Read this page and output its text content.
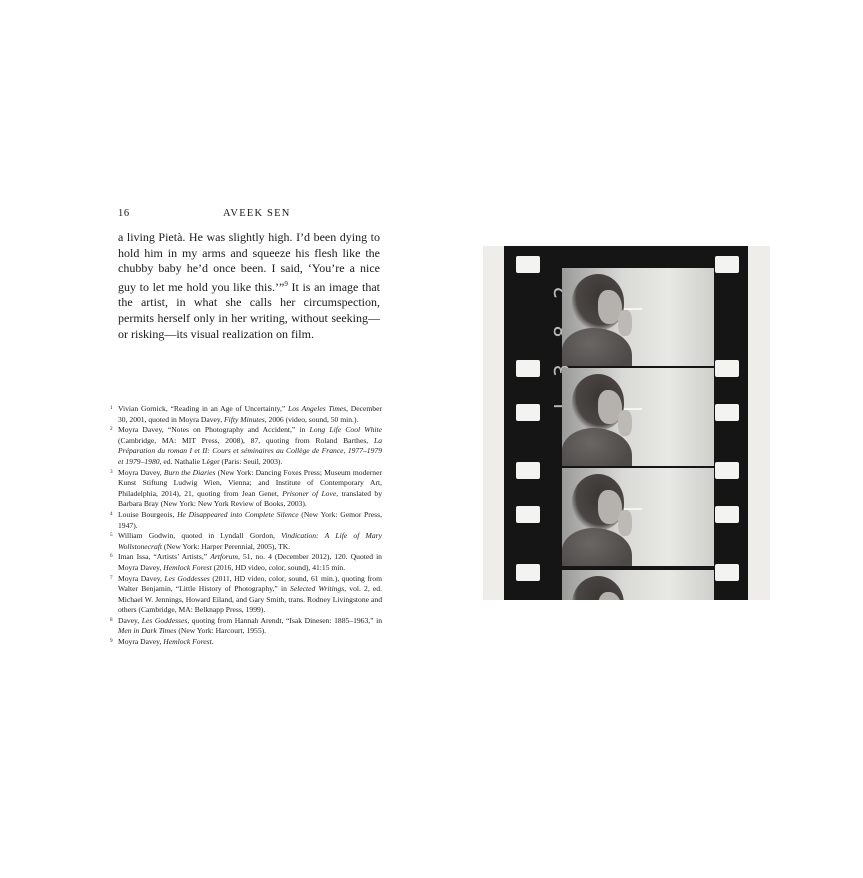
16	AVEEK SEN

a living Pietà. He was slightly high. I’d been dying to hold him in my arms and squeeze his flesh like the chubby baby he’d once been. I said, ‘You’re a nice guy to let me hold you like this.’”$^9$ It is an image that the artist, in what she calls her circumspection, permits herself only in her writing, without seeking—or risking—its visual realization on film.

1 Vivian Gornick, “Reading in an Age of Uncertainty,” Los Angeles Times, December 30, 2001, quoted in Moyra Davey, Fifty Minutes, 2006 (video, sound, 50 min.).
2 Moyra Davey, “Notes on Photography and Accident,” in Long Life Cool White (Cambridge, MA: MIT Press, 2008), 87, quoting from Roland Barthes, La Préparation du roman I et II: Cours et séminaires au Collège de France, 1977–1979 et 1979–1980, ed. Nathalie Léger (Paris: Seuil, 2003).
3 Moyra Davey, Burn the Diaries (New York: Dancing Foxes Press; Museum moderner Kunst Stiftung Ludwig Wien, Vienna; and Institute of Contemporary Art, Philadelphia, 2014), 21, quoting from Jean Genet, Prisoner of Love, translated by Barbara Bray (New York: New York Review of Books, 2003).
4 Louise Bourgeois, He Disappeared into Complete Silence (New York: Gemor Press, 1947).
5 William Godwin, quoted in Lyndall Gordon, Vindication: A Life of Mary Wollstonecraft (New York: Harper Perennial, 2005), TK.
6 Iman Issa, “Artists’ Artists,” Artforum, 51, no. 4 (December 2012), 120. Quoted in Moyra Davey, Hemlock Forest (2016, HD video, color, sound), 41:15 min.
7 Moyra Davey, Les Goddesses (2011, HD video, color, sound, 61 min.), quoting from Walter Benjamin, “Little History of Photography,” in Selected Writings, vol. 2, ed. Michael W. Jennings, Howard Eiland, and Gary Smith, trans. Rodney Livingstone and others (Cambridge, MA: Belknapp Press, 1999).
8 Davey, Les Goddesses, quoting from Hannah Arendt, “Isak Dinesen: 1885–1963,” in Men in Dark Times (New York: Harcourt, 1955).
9 Moyra Davey, Hemlock Forest.
